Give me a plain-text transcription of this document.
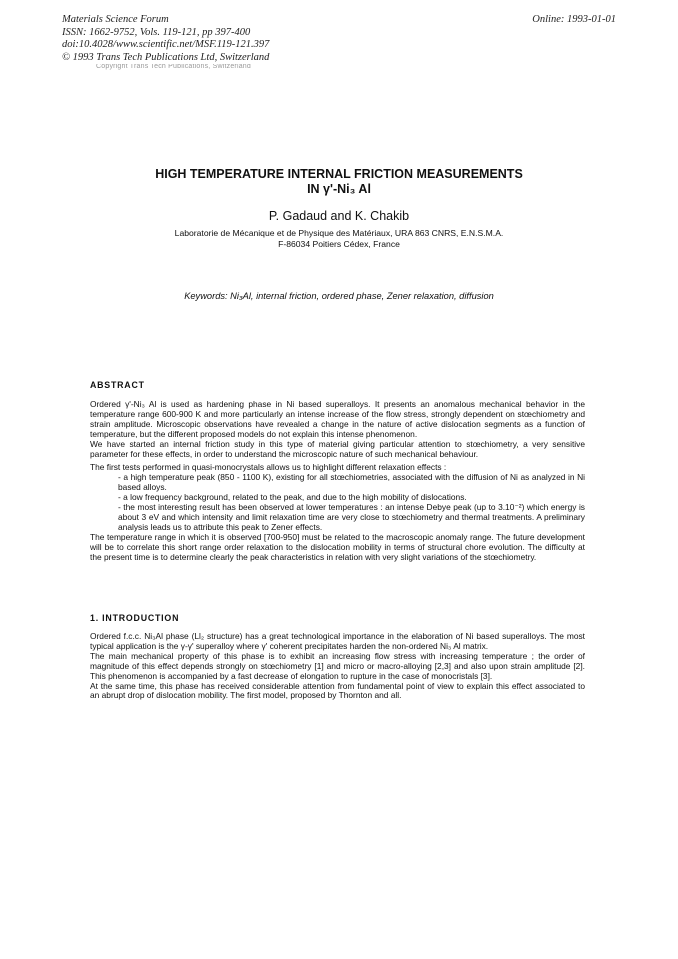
Materials Science Forum
ISSN: 1662-9752, Vols. 119-121, pp 397-400
doi:10.4028/www.scientific.net/MSF.119-121.397
© 1993 Trans Tech Publications Ltd, Switzerland
Online: 1993-01-01
Copyright Trans Tech Publications, Switzerland
HIGH TEMPERATURE INTERNAL FRICTION MEASUREMENTS
IN γ'-Ni₃ Al
P. Gadaud and K. Chakib
Laboratorie de Mécanique et de Physique des Matériaux, URA 863 CNRS, E.N.S.M.A.
F-86034 Poitiers Cédex, France
Keywords: Ni₃Al, internal friction, ordered phase, Zener relaxation, diffusion
ABSTRACT

Ordered γ'-Ni₃ Al is used as hardening phase in Ni based superalloys. It presents an anomalous mechanical behavior in the temperature range 600-900 K and more particularly an intense increase of the flow stress, strongly dependent on stœchiometry and strain amplitude. Microscopic observations have revealed a change in the nature of active dislocation segments as a function of temperature, but the different proposed models do not explain this intense phenomenon.

We have started an internal friction study in this type of material giving particular attention to stœchiometry, a very sensitive parameter for these effects, in order to understand the microscopic nature of such mechanical behaviour.

The first tests performed in quasi-monocrystals allows us to highlight different relaxation effects :

- a high temperature peak (850 - 1100 K), existing for all stœchiometries, associated with the diffusion of Ni as analyzed in Ni based alloys.

- a low frequency background, related to the peak, and due to the high mobility of dislocations.

- the most interesting result has been observed at lower temperatures : an intense Debye peak (up to 3.10⁻²) which energy is about 3 eV and which intensity and limit relaxation time are very close to stœchiometry and thermal treatments. A preliminary analysis leads us to attribute this peak to Zener effects.

The temperature range in which it is observed [700-950] must be related to the macroscopic anomaly range. The future development will be to correlate this short range order relaxation to the dislocation mobility in terms of structural chore evolution. The difficulty at the present time is to determine clearly the peak characteristics in relation with very slight variations of the stœchiometry.

1. INTRODUCTION

Ordered f.c.c. Ni₃Al phase (Ll₂ structure) has a great technological importance in the elaboration of Ni based superalloys. The most typical application is the γ-γ' superalloy where γ' coherent precipitates harden the non-ordered Ni₃ Al matrix.

The main mechanical property of this phase is to exhibit an increasing flow stress with increasing temperature ; the order of magnitude of this effect depends strongly on stœchiometry [1] and micro or macro-alloying [2,3] and also upon strain amplitude [2]. This phenomenon is accompanied by a fast decrease of elongation to rupture in the case of monocristals [3].

At the same time, this phase has received considerable attention from fundamental point of view to explain this effect associated to an abrupt drop of dislocation mobility. The first model, proposed by Thornton and all.
